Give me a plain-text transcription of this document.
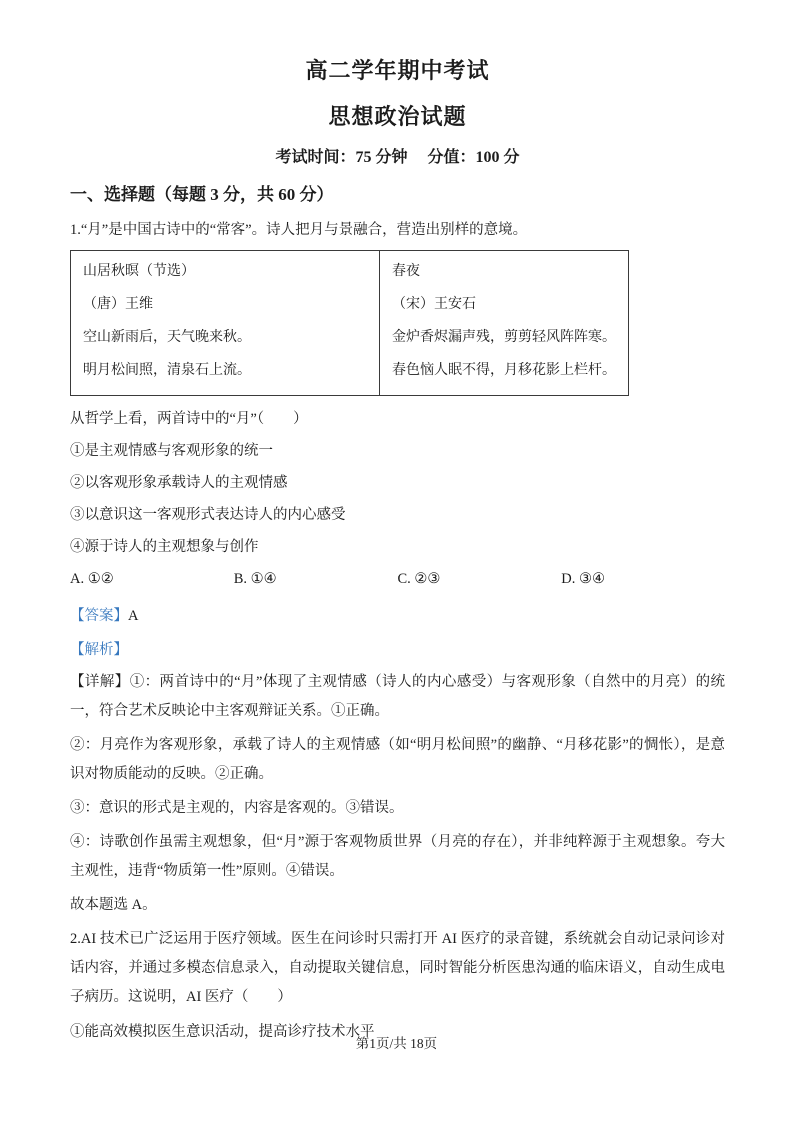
高二学年期中考试
思想政治试题

考试时间：75 分钟　 分值：100 分

一、选择题（每题 3 分，共 60 分）

1.“月”是中国古诗中的“常客”。诗人把月与景融合，营造出别样的意境。

山居秋暝（节选）

（唐）王维

空山新雨后，天气晚来秋。

明月松间照，清泉石上流。

春夜

（宋）王安石

金炉香烬漏声残，剪剪轻风阵阵寒。

春色恼人眠不得，月移花影上栏杆。

从哲学上看，两首诗中的“月”（　　）

①是主观情感与客观形象的统一

②以客观形象承载诗人的主观情感

③以意识这一客观形式表达诗人的内心感受

④源于诗人的主观想象与创作

A. ①②	B. ①④	C. ②③	D. ③④

【答案】A

【解析】

【详解】①：两首诗中的“月”体现了主观情感（诗人的内心感受）与客观形象（自然中的月亮）的统一，符合艺术反映论中主客观辩证关系。①正确。

②：月亮作为客观形象，承载了诗人的主观情感（如“明月松间照”的幽静、“月移花影”的惆怅），是意识对物质能动的反映。②正确。

③：意识的形式是主观的，内容是客观的。③错误。

④：诗歌创作虽需主观想象，但“月”源于客观物质世界（月亮的存在），并非纯粹源于主观想象。夸大主观性，违背“物质第一性”原则。④错误。

故本题选 A。

2.AI 技术已广泛运用于医疗领域。医生在问诊时只需打开 AI 医疗的录音键，系统就会自动记录问诊对话内容，并通过多模态信息录入，自动提取关键信息，同时智能分析医患沟通的临床语义，自动生成电子病历。这说明，AI 医疗（　　）

①能高效模拟医生意识活动，提高诊疗技术水平

第1页/共 18页
